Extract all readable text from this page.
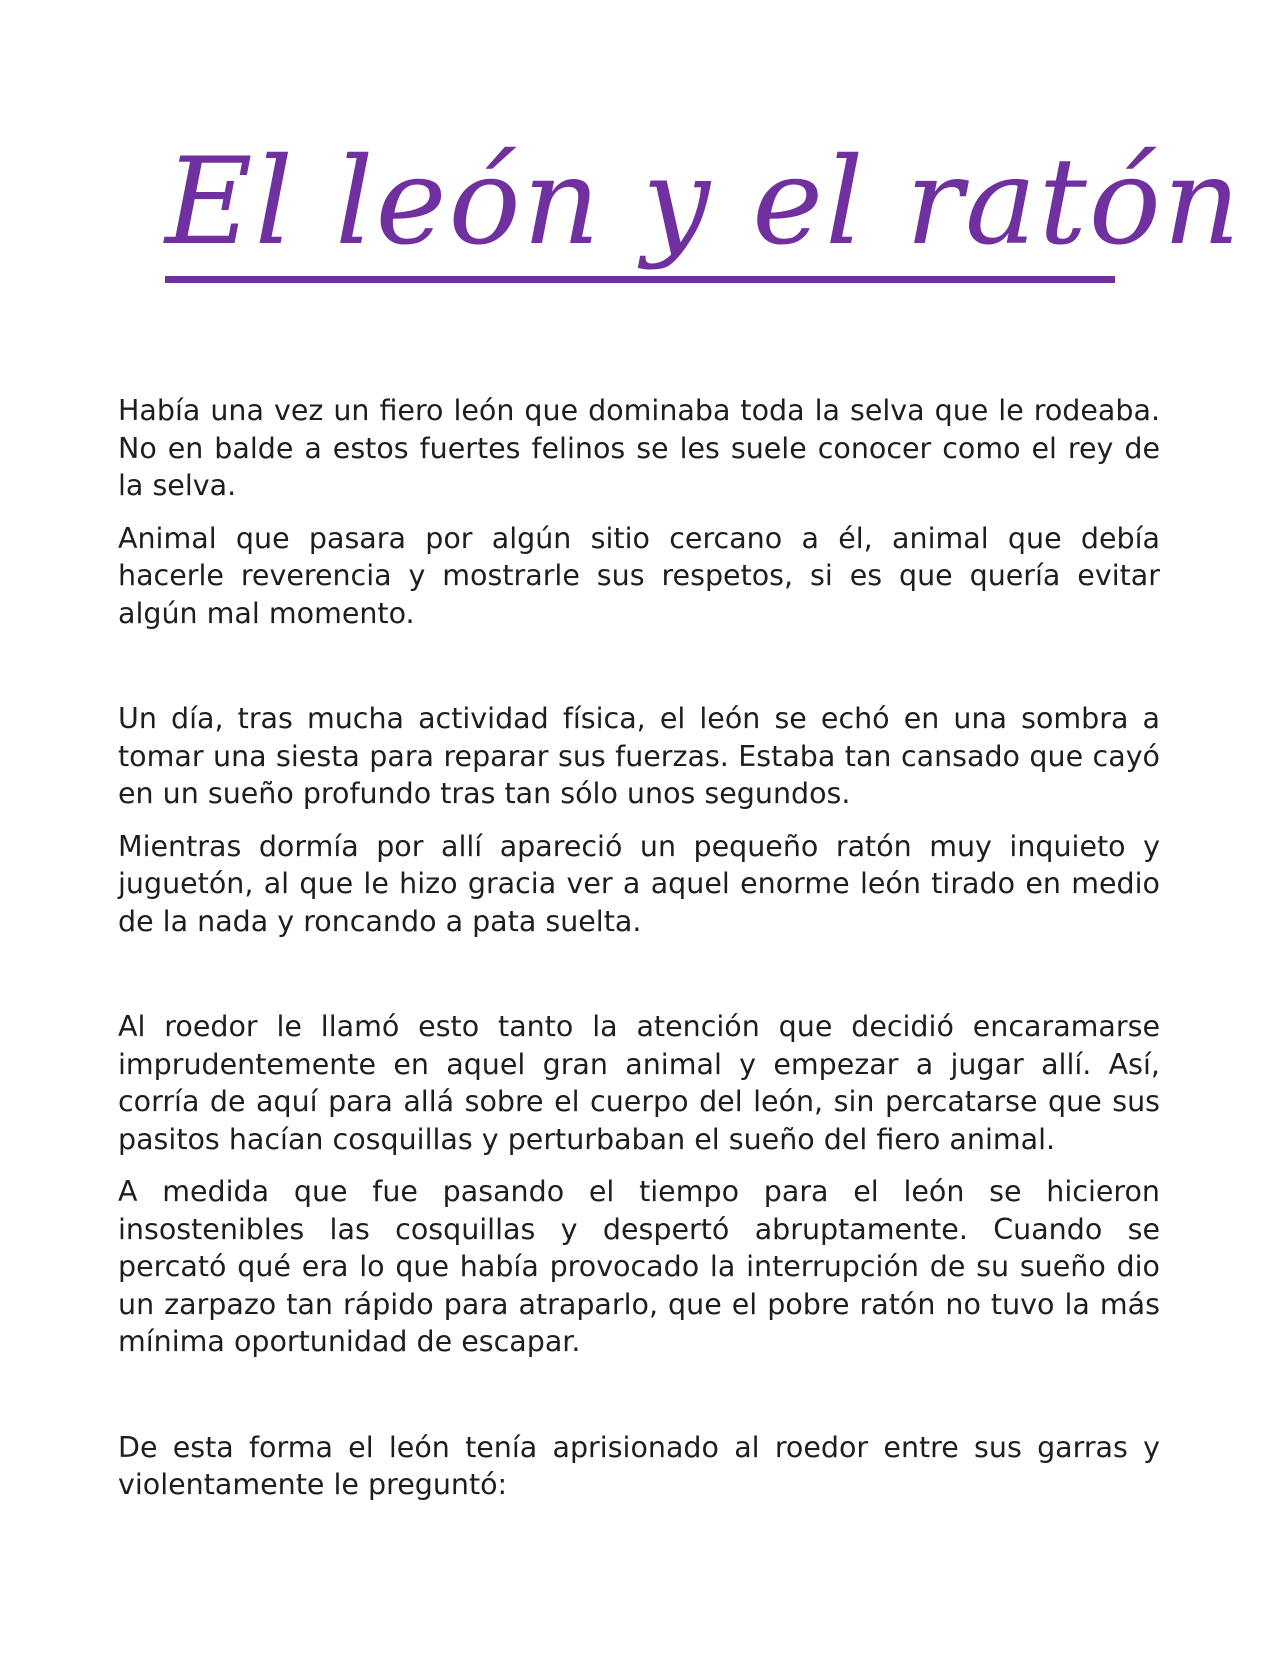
El león y el ratón

Había una vez un fiero león que dominaba toda la selva que le rodeaba. No en balde a estos fuertes felinos se les suele conocer como el rey de la selva.

Animal que pasara por algún sitio cercano a él, animal que debía hacerle reverencia y mostrarle sus respetos, si es que quería evitar algún mal momento.

Un día, tras mucha actividad física, el león se echó en una sombra a tomar una siesta para reparar sus fuerzas. Estaba tan cansado que cayó en un sueño profundo tras tan sólo unos segundos.

Mientras dormía por allí apareció un pequeño ratón muy inquieto y juguetón, al que le hizo gracia ver a aquel enorme león tirado en medio de la nada y roncando a pata suelta.

Al roedor le llamó esto tanto la atención que decidió encaramarse imprudentemente en aquel gran animal y empezar a jugar allí. Así, corría de aquí para allá sobre el cuerpo del león, sin percatarse que sus pasitos hacían cosquillas y perturbaban el sueño del fiero animal.

A medida que fue pasando el tiempo para el león se hicieron insostenibles las cosquillas y despertó abruptamente. Cuando se percató qué era lo que había provocado la interrupción de su sueño dio un zarpazo tan rápido para atraparlo, que el pobre ratón no tuvo la más mínima oportunidad de escapar.

De esta forma el león tenía aprisionado al roedor entre sus garras y violentamente le preguntó:
